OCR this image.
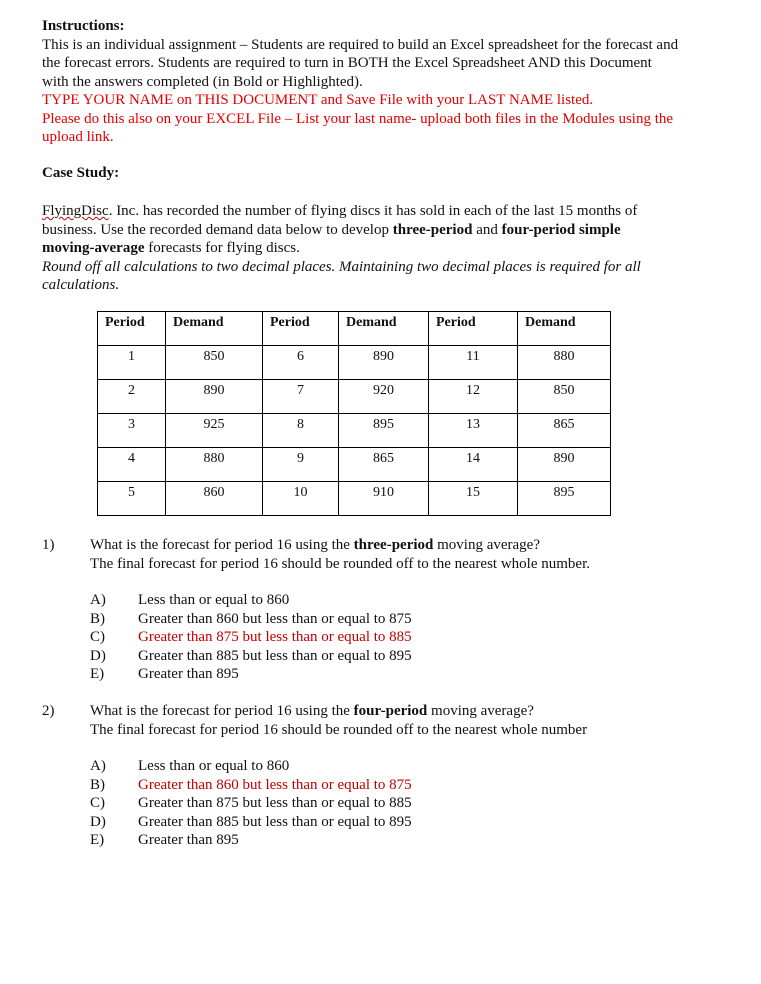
Instructions:
This is an individual assignment – Students are required to build an Excel spreadsheet for the forecast and the forecast errors. Students are required to turn in BOTH the Excel Spreadsheet AND this Document with the answers completed (in Bold or Highlighted).
TYPE YOUR NAME on THIS DOCUMENT and Save File with your LAST NAME listed.
Please do this also on your EXCEL File – List your last name- upload both files in the Modules using the upload link.
Case Study:
FlyingDisc. Inc. has recorded the number of flying discs it has sold in each of the last 15 months of business. Use the recorded demand data below to develop three-period and four-period simple moving-average forecasts for flying discs.
Round off all calculations to two decimal places. Maintaining two decimal places is required for all calculations.
Period	Demand	Period	Demand	Period	Demand
1	850	6	890	11	880
2	890	7	920	12	850
3	925	8	895	13	865
4	880	9	865	14	890
5	860	10	910	15	895
1) What is the forecast for period 16 using the three-period moving average?
The final forecast for period 16 should be rounded off to the nearest whole number.
A) Less than or equal to 860
B) Greater than 860 but less than or equal to 875
C) Greater than 875 but less than or equal to 885
D) Greater than 885 but less than or equal to 895
E) Greater than 895
2) What is the forecast for period 16 using the four-period moving average?
The final forecast for period 16 should be rounded off to the nearest whole number
A) Less than or equal to 860
B) Greater than 860 but less than or equal to 875
C) Greater than 875 but less than or equal to 885
D) Greater than 885 but less than or equal to 895
E) Greater than 895
